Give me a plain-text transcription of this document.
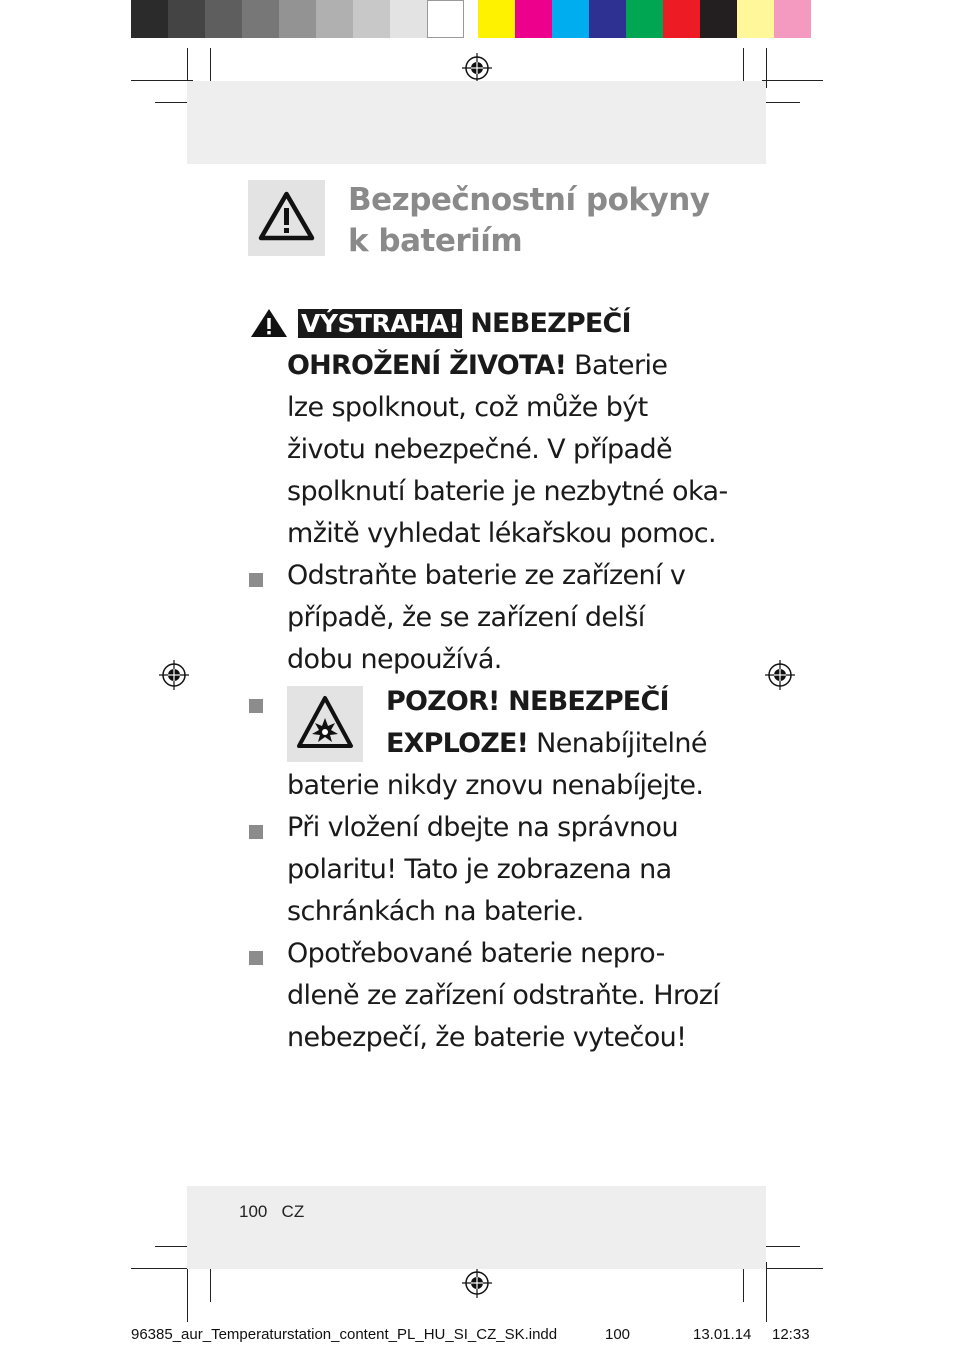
Bezpečnostní pokyny
k bateriím
VÝSTRAHA! NEBEZPEČÍ
OHROŽENÍ ŽIVOTA! Baterie
lze spolknout, což může být
životu nebezpečné. V případě
spolknutí baterie je nezbytné oka-
mžitě vyhledat lékařskou pomoc.
Odstraňte baterie ze zařízení v
případě, že se zařízení delší
dobu nepoužívá.
POZOR! NEBEZPEČÍ
EXPLOZE! Nenabíjitelné
baterie nikdy znovu nenabíjejte.
Při vložení dbejte na správnou
polaritu! Tato je zobrazena na
schránkách na baterie.
Opotřebované baterie nepro-
dleně ze zařízení odstraňte. Hrozí
nebezpečí, že baterie vytečou!
100 CZ
96385_aur_Temperaturstation_content_PL_HU_SI_CZ_SK.indd	100	13.01.14 12:33
